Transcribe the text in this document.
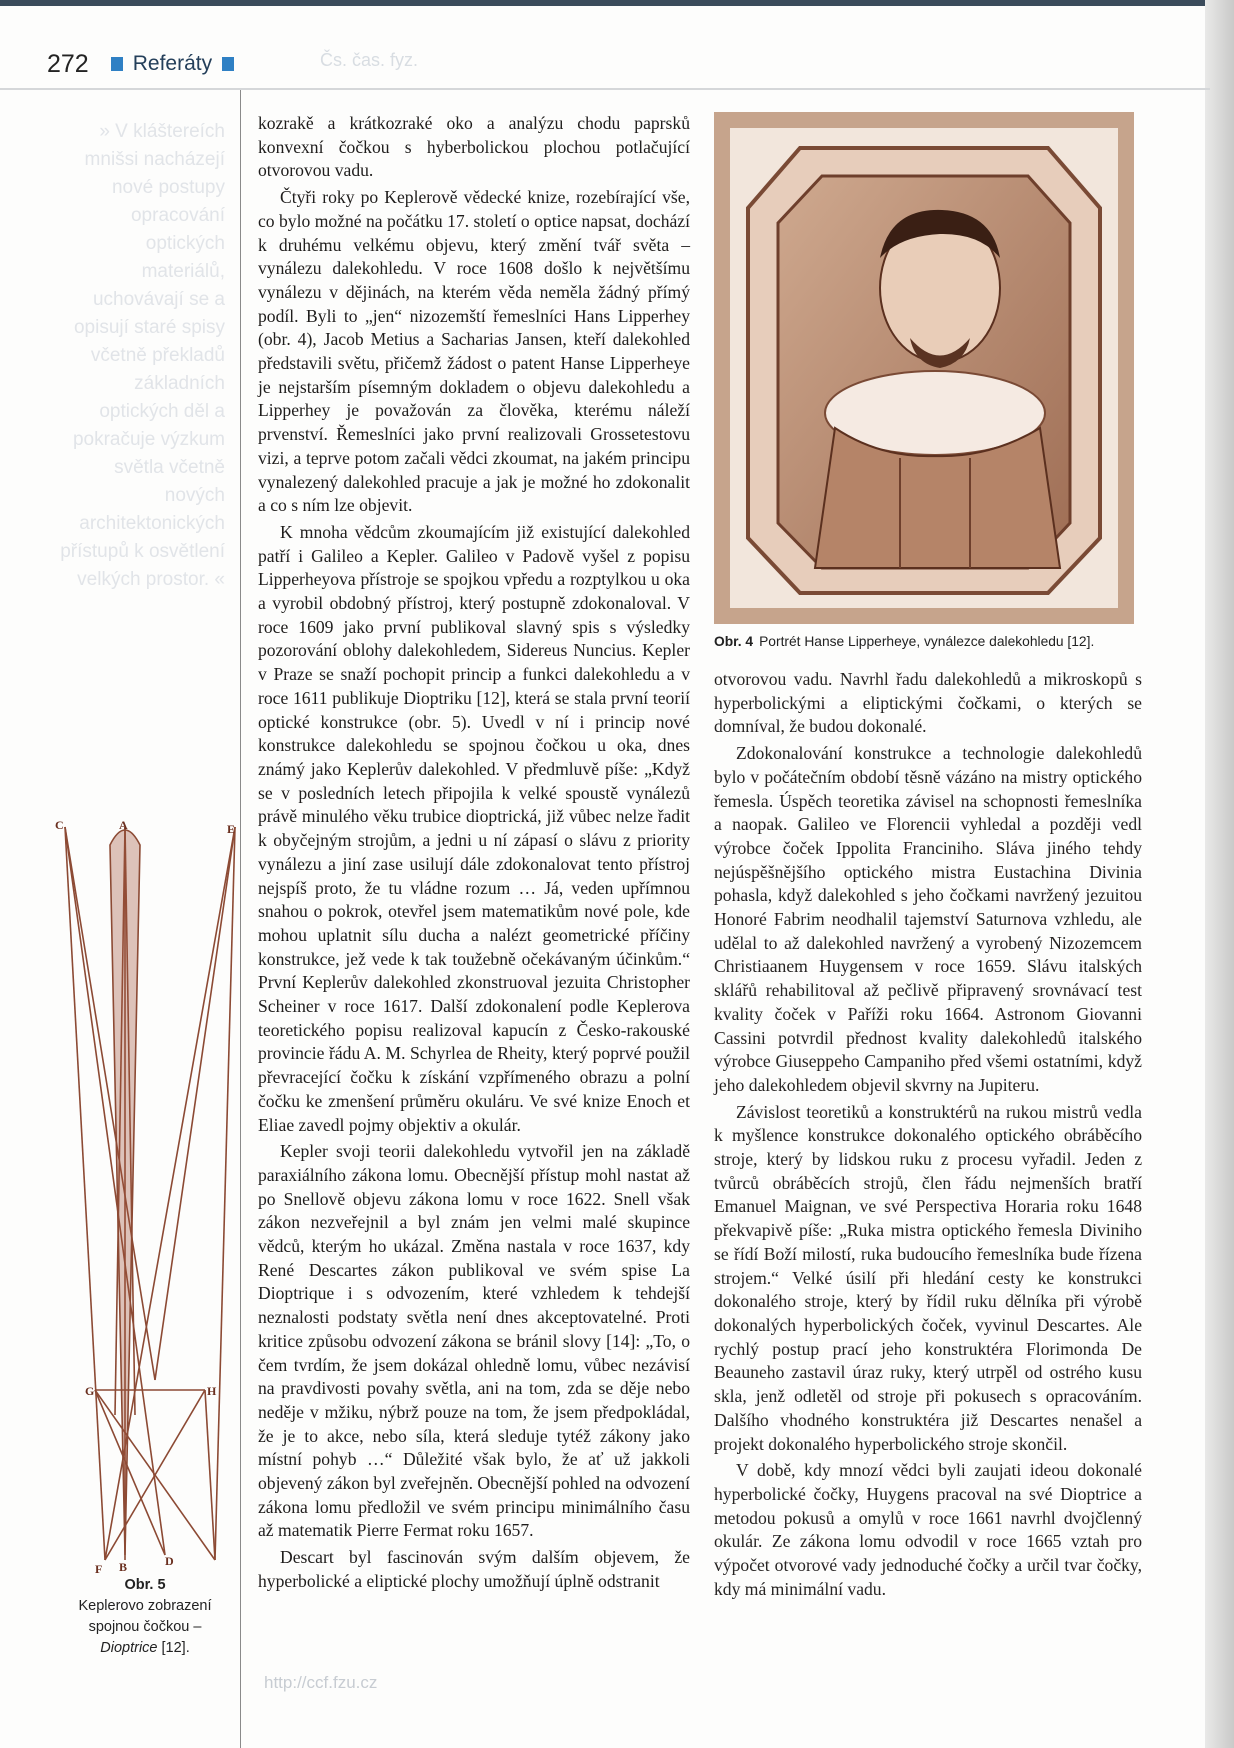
272 Referáty	Čs. čas. fyz.
» V kláštereích mnišsi nacházejí nové postupy opracování optických materiálů, uchovávají se a opisují staré spisy včetně překladů základních optických děl a pokračuje výzkum světla včetně nových architektonických přístupů k osvětlení velkých prostor. «

kozrakě a krátkozraké oko a analýzu chodu paprsků konvexní čočkou s hyberbolickou plochou potlačující otvorovou vadu.

Čtyři roky po Keplerově vědecké knize, rozebírající vše, co bylo možné na počátku 17. století o optice napsat, dochází k druhému velkému objevu, který změní tvář světa – vynálezu dalekohledu. V roce 1608 došlo k největšímu vynálezu v dějinách, na kterém věda neměla žádný přímý podíl. Byli to „jen“ nizozemští řemeslníci Hans Lipperhey (obr. 4), Jacob Metius a Sacharias Jansen, kteří dalekohled představili světu, přičemž žádost o patent Hanse Lipperheye je nejstarším písemným dokladem o objevu dalekohledu a Lipperhey je považován za člověka, kterému náleží prvenství. Řemeslníci jako první realizovali Grossetestovu vizi, a teprve potom začali vědci zkoumat, na jakém principu vynalezený dalekohled pracuje a jak je možné ho zdokonalit a co s ním lze objevit.

K mnoha vědcům zkoumajícím již existující dalekohled patří i Galileo a Kepler. Galileo v Padově vyšel z popisu Lipperheyova přístroje se spojkou vpředu a rozptylkou u oka a vyrobil obdobný přístroj, který postupně zdokonaloval. V roce 1609 jako první publikoval slavný spis s výsledky pozorování oblohy dalekohledem, Sidereus Nuncius. Kepler v Praze se snaží pochopit princip a funkci dalekohledu a v roce 1611 publikuje Dioptriku [12], která se stala první teorií optické konstrukce (obr. 5). Uvedl v ní i princip nové konstrukce dalekohledu se spojnou čočkou u oka, dnes známý jako Keplerův dalekohled. V předmluvě píše: „Když se v posledních letech připojila k velké spoustě vynálezů právě minulého věku trubice dioptrická, již vůbec nelze řadit k obyčejným strojům, a jedni u ní zápasí o slávu z priority vynálezu a jiní zase usilují dále zdokonalovat tento přístroj nejspíš proto, že tu vládne rozum … Já, veden upřímnou snahou o pokrok, otevřel jsem matematikům nové pole, kde mohou uplatnit sílu ducha a nalézt geometrické příčiny konstrukce, jež vede k tak toužebně očekávaným účinkům.“ První Keplerův dalekohled zkonstruoval jezuita Christopher Scheiner v roce 1617. Další zdokonalení podle Keplerova teoretického popisu realizoval kapucín z Česko-rakouské provincie řádu A. M. Schyrlea de Rheity, který poprvé použil převracející čočku k získání vzpřímeného obrazu a polní čočku ke zmenšení průměru okuláru. Ve své knize Enoch et Eliae zavedl pojmy objektiv a okulár.

Kepler svoji teorii dalekohledu vytvořil jen na základě paraxiálního zákona lomu. Obecnější přístup mohl nastat až po Snellově objevu zákona lomu v roce 1622. Snell však zákon nezveřejnil a byl znám jen velmi malé skupince vědců, kterým ho ukázal. Změna nastala v roce 1637, kdy René Descartes zákon publikoval ve svém spise La Dioptrique i s odvozením, které vzhledem k tehdejší neznalosti podstaty světla není dnes akceptovatelné. Proti kritice způsobu odvození zákona se bránil slovy [14]: „To, o čem tvrdím, že jsem dokázal ohledně lomu, vůbec nezávisí na pravdivosti povahy světla, ani na tom, zda se děje nebo neděje v mžiku, nýbrž pouze na tom, že jsem předpokládal, že je to akce, nebo síla, která sleduje tytéž zákony jako místní pohyb …“ Důležité však bylo, že ať už jakkoli objevený zákon byl zveřejněn. Obecnější pohled na odvození zákona lomu předložil ve svém principu minimálního času až matematik Pierre Fermat roku 1657.

Descart byl fascinován svým dalším objevem, že hyperbolické a eliptické plochy umožňují úplně odstranit

Obr. 4 Portrét Hanse Lipperheye, vynálezce dalekohledu [12].

otvorovou vadu. Navrhl řadu dalekohledů a mikroskopů s hyperbolickými a eliptickými čočkami, o kterých se domníval, že budou dokonalé.

Zdokonalování konstrukce a technologie dalekohledů bylo v počátečním období těsně vázáno na mistry optického řemesla. Úspěch teoretika závisel na schopnosti řemeslníka a naopak. Galileo ve Florencii vyhledal a později vedl výrobce čoček Ippolita Franciniho. Sláva jiného tehdy nejúspěšnějšího optického mistra Eustachina Divinia pohasla, když dalekohled s jeho čočkami navržený jezuitou Honoré Fabrim neodhalil tajemství Saturnova vzhledu, ale udělal to až dalekohled navržený a vyrobený Nizozemcem Christiaanem Huygensem v roce 1659. Slávu italských sklářů rehabilitoval až pečlivě připravený srovnávací test kvality čoček v Paříži roku 1664. Astronom Giovanni Cassini potvrdil přednost kvality dalekohledů italského výrobce Giuseppeho Campaniho před všemi ostatními, když jeho dalekohledem objevil skvrny na Jupiteru.

Závislost teoretiků a konstruktérů na rukou mistrů vedla k myšlence konstrukce dokonalého optického obráběcího stroje, který by lidskou ruku z procesu vyřadil. Jeden z tvůrců obráběcích strojů, člen řádu nejmenších bratří Emanuel Maignan, ve své Perspectiva Horaria roku 1648 překvapivě píše: „Ruka mistra optického řemesla Diviniho se řídí Boží milostí, ruka budoucího řemeslníka bude řízena strojem.“ Velké úsilí při hledání cesty ke konstrukci dokonalého stroje, který by řídil ruku dělníka při výrobě dokonalých hyperbolických čoček, vyvinul Descartes. Ale rychlý postup prací jeho konstruktéra Florimonda De Beauneho zastavil úraz ruky, který utrpěl od ostrého kusu skla, jenž odletěl od stroje při pokusech s opracováním. Dalšího vhodného konstruktéra již Descartes nenašel a projekt dokonalého hyperbolického stroje skončil.

V době, kdy mnozí vědci byli zaujati ideou dokonalé hyperbolické čočky, Huygens pracoval na své Dioptrice a metodou pokusů a omylů v roce 1661 navrhl dvojčlenný okulár. Ze zákona lomu odvodil v roce 1665 vztah pro výpočet otvorové vady jednoduché čočky a určil tvar čočky, kdy má minimální vadu.

C	A	E
G	H
F B	D
Obr. 5
Keplerovo zobrazení
spojnou čočkou –
Dioptrice [12].
http://ccf.fzu.cz
